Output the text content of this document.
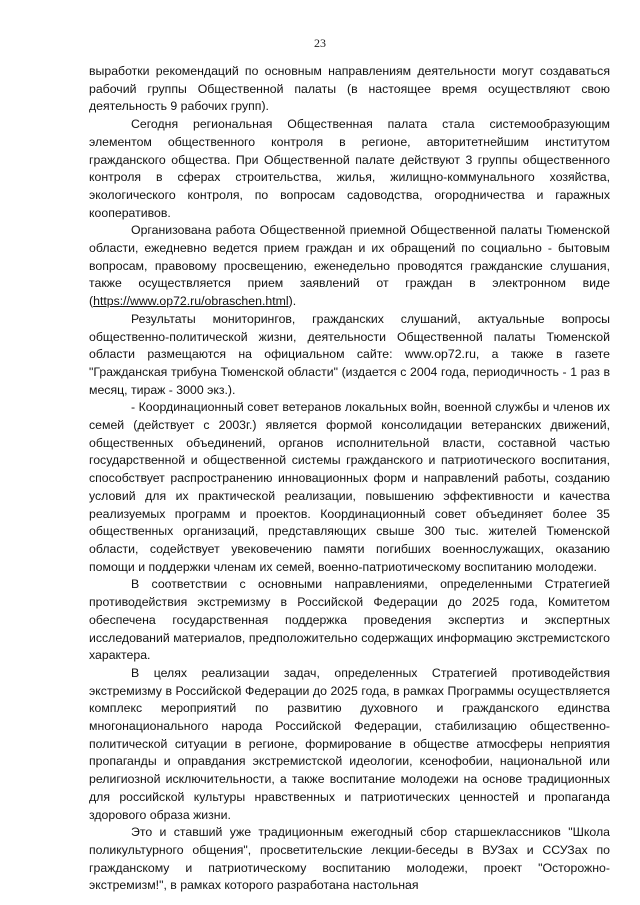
23

выработки рекомендаций по основным направлениям деятельности могут создаваться рабочий группы Общественной палаты (в настоящее время осуществляют свою деятельность 9 рабочих групп).

Сегодня региональная Общественная палата стала системообразующим элементом общественного контроля в регионе, авторитетнейшим институтом гражданского общества. При Общественной палате действуют 3 группы общественного контроля в сферах строительства, жилья, жилищно-коммунального хозяйства, экологического контроля, по вопросам садоводства, огородничества и гаражных кооперативов.

Организована работа Общественной приемной Общественной палаты Тюменской области, ежедневно ведется прием граждан и их обращений по социально - бытовым вопросам, правовому просвещению, еженедельно проводятся гражданские слушания, также осуществляется прием заявлений от граждан в электронном виде (https://www.op72.ru/obraschen.html).

Результаты мониторингов, гражданских слушаний, актуальные вопросы общественно-политической жизни, деятельности Общественной палаты Тюменской области размещаются на официальном сайте: www.op72.ru, а также в газете "Гражданская трибуна Тюменской области" (издается с 2004 года, периодичность - 1 раз в месяц, тираж - 3000 экз.).

- Координационный совет ветеранов локальных войн, военной службы и членов их семей (действует с 2003г.) является формой консолидации ветеранских движений, общественных объединений, органов исполнительной власти, составной частью государственной и общественной системы гражданского и патриотического воспитания, способствует распространению инновационных форм и направлений работы, созданию условий для их практической реализации, повышению эффективности и качества реализуемых программ и проектов. Координационный совет объединяет более 35 общественных организаций, представляющих свыше 300 тыс. жителей Тюменской области, содействует увековечению памяти погибших военнослужащих, оказанию помощи и поддержки членам их семей, военно-патриотическому воспитанию молодежи.

В соответствии с основными направлениями, определенными Стратегией противодействия экстремизму в Российской Федерации до 2025 года, Комитетом обеспечена государственная поддержка проведения экспертиз и экспертных исследований материалов, предположительно содержащих информацию экстремистского характера.

В целях реализации задач, определенных Стратегией противодействия экстремизму в Российской Федерации до 2025 года, в рамках Программы осуществляется комплекс мероприятий по развитию духовного и гражданского единства многонационального народа Российской Федерации, стабилизацию общественно-политической ситуации в регионе, формирование в обществе атмосферы неприятия пропаганды и оправдания экстремистской идеологии, ксенофобии, национальной или религиозной исключительности, а также воспитание молодежи на основе традиционных для российской культуры нравственных и патриотических ценностей и пропаганда здорового образа жизни.

Это и ставший уже традиционным ежегодный сбор старшеклассников "Школа поликультурного общения", просветительские лекции-беседы в ВУЗах и ССУЗах по гражданскому и патриотическому воспитанию молодежи, проект "Осторожно-экстремизм!", в рамках которого разработана настольная
